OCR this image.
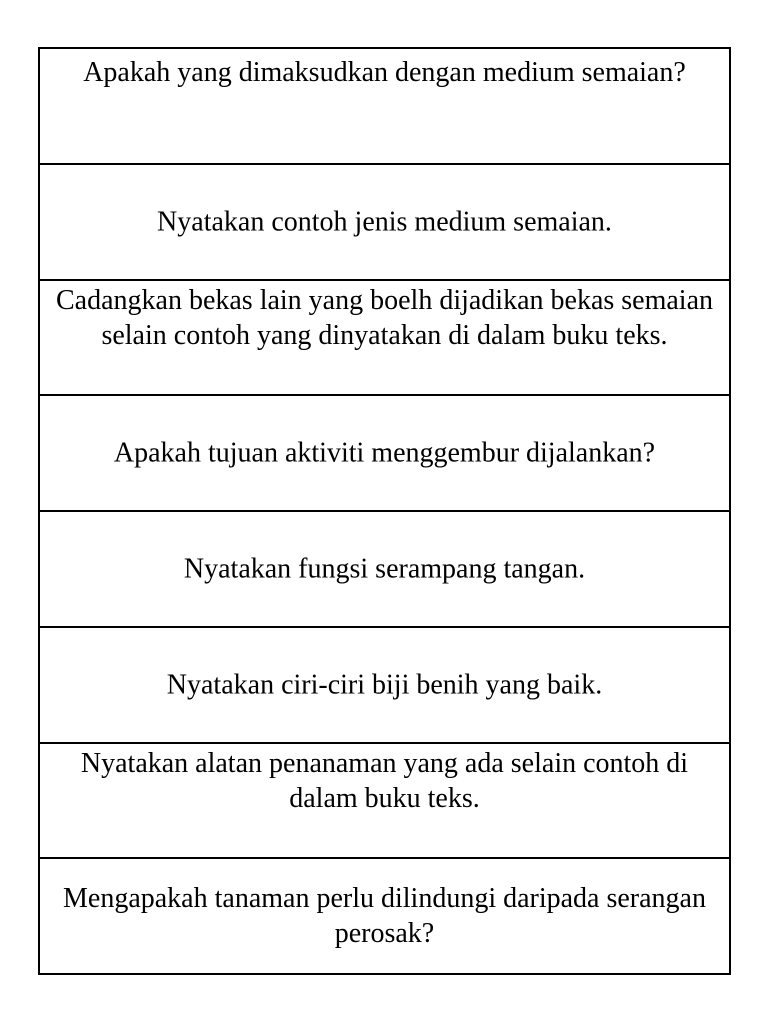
Apakah yang dimaksudkan dengan medium semaian?
Nyatakan contoh jenis medium semaian.
Cadangkan bekas lain yang boelh dijadikan bekas semaian selain contoh yang dinyatakan di dalam buku teks.
Apakah tujuan aktiviti menggembur dijalankan?
Nyatakan fungsi serampang tangan.
Nyatakan ciri-ciri biji benih yang baik.
Nyatakan alatan penanaman yang ada selain contoh di dalam buku teks.
Mengapakah tanaman perlu dilindungi daripada serangan perosak?
